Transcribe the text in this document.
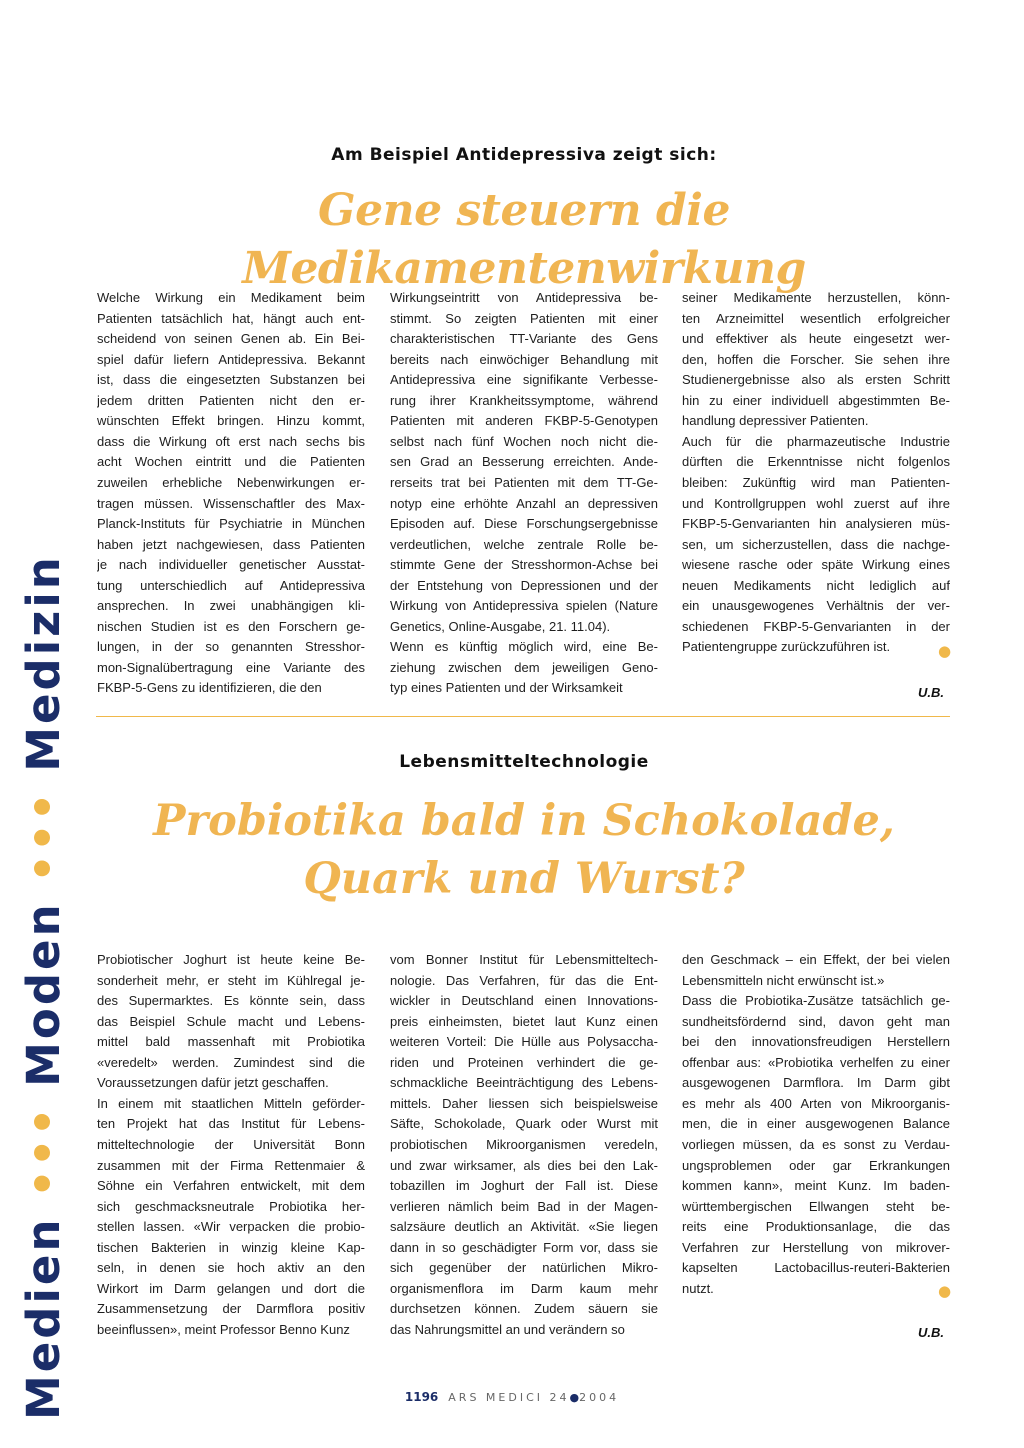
Medien ••• Moden ••• Medizin
Am Beispiel Antidepressiva zeigt sich:
Gene steuern die Medikamentenwirkung
Welche Wirkung ein Medikament beim
Patienten tatsächlich hat, hängt auch ent-
scheidend von seinen Genen ab. Ein Bei-
spiel dafür liefern Antidepressiva. Bekannt
ist, dass die eingesetzten Substanzen bei
jedem dritten Patienten nicht den er-
wünschten Effekt bringen. Hinzu kommt,
dass die Wirkung oft erst nach sechs bis
acht Wochen eintritt und die Patienten
zuweilen erhebliche Nebenwirkungen er-
tragen müssen. Wissenschaftler des Max-
Planck-Instituts für Psychiatrie in München
haben jetzt nachgewiesen, dass Patienten
je nach individueller genetischer Ausstat-
tung unterschiedlich auf Antidepressiva
ansprechen. In zwei unabhängigen kli-
nischen Studien ist es den Forschern ge-
lungen, in der so genannten Stresshor-
mon-Signalübertragung eine Variante des
FKBP-5-Gens zu identifizieren, die den
Wirkungseintritt von Antidepressiva be-
stimmt. So zeigten Patienten mit einer
charakteristischen TT-Variante des Gens
bereits nach einwöchiger Behandlung mit
Antidepressiva eine signifikante Verbesse-
rung ihrer Krankheitssymptome, während
Patienten mit anderen FKBP-5-Genotypen
selbst nach fünf Wochen noch nicht die-
sen Grad an Besserung erreichten. Ande-
rerseits trat bei Patienten mit dem TT-Ge-
notyp eine erhöhte Anzahl an depressiven
Episoden auf. Diese Forschungsergebnisse
verdeutlichen, welche zentrale Rolle be-
stimmte Gene der Stresshormon-Achse bei
der Entstehung von Depressionen und der
Wirkung von Antidepressiva spielen (Nature
Genetics, Online-Ausgabe, 21. 11.04).
Wenn es künftig möglich wird, eine Be-
ziehung zwischen dem jeweiligen Geno-
typ eines Patienten und der Wirksamkeit
seiner Medikamente herzustellen, könn-
ten Arzneimittel wesentlich erfolgreicher
und effektiver als heute eingesetzt wer-
den, hoffen die Forscher. Sie sehen ihre
Studienergebnisse also als ersten Schritt
hin zu einer individuell abgestimmten Be-
handlung depressiver Patienten.
Auch für die pharmazeutische Industrie
dürften die Erkenntnisse nicht folgenlos
bleiben: Zukünftig wird man Patienten-
und Kontrollgruppen wohl zuerst auf ihre
FKBP-5-Genvarianten hin analysieren müs-
sen, um sicherzustellen, dass die nachge-
wiesene rasche oder späte Wirkung eines
neuen Medikaments nicht lediglich auf
ein unausgewogenes Verhältnis der ver-
schiedenen FKBP-5-Genvarianten in der
Patientengruppe zurückzuführen ist.	●
U.B.
Lebensmitteltechnologie
Probiotika bald in Schokolade,
Quark und Wurst?
Probiotischer Joghurt ist heute keine Be-
sonderheit mehr, er steht im Kühlregal je-
des Supermarktes. Es könnte sein, dass
das Beispiel Schule macht und Lebens-
mittel bald massenhaft mit Probiotika
«veredelt» werden. Zumindest sind die
Voraussetzungen dafür jetzt geschaffen.
In einem mit staatlichen Mitteln geförder-
ten Projekt hat das Institut für Lebens-
mitteltechnologie der Universität Bonn
zusammen mit der Firma Rettenmaier &
Söhne ein Verfahren entwickelt, mit dem
sich geschmacksneutrale Probiotika her-
stellen lassen. «Wir verpacken die probio-
tischen Bakterien in winzig kleine Kap-
seln, in denen sie hoch aktiv an den
Wirkort im Darm gelangen und dort die
Zusammensetzung der Darmflora positiv
beeinflussen», meint Professor Benno Kunz
vom Bonner Institut für Lebensmitteltech-
nologie. Das Verfahren, für das die Ent-
wickler in Deutschland einen Innovations-
preis einheimsten, bietet laut Kunz einen
weiteren Vorteil: Die Hülle aus Polysaccha-
riden und Proteinen verhindert die ge-
schmackliche Beeinträchtigung des Lebens-
mittels. Daher liessen sich beispielsweise
Säfte, Schokolade, Quark oder Wurst mit
probiotischen Mikroorganismen veredeln,
und zwar wirksamer, als dies bei den Lak-
tobazillen im Joghurt der Fall ist. Diese
verlieren nämlich beim Bad in der Magen-
salzsäure deutlich an Aktivität. «Sie liegen
dann in so geschädigter Form vor, dass sie
sich gegenüber der natürlichen Mikro-
organismenflora im Darm kaum mehr
durchsetzen können. Zudem säuern sie
das Nahrungsmittel an und verändern so
den Geschmack – ein Effekt, der bei vielen
Lebensmitteln nicht erwünscht ist.»
Dass die Probiotika-Zusätze tatsächlich ge-
sundheitsfördernd sind, davon geht man
bei den innovationsfreudigen Herstellern
offenbar aus: «Probiotika verhelfen zu einer
ausgewogenen Darmflora. Im Darm gibt
es mehr als 400 Arten von Mikroorganis-
men, die in einer ausgewogenen Balance
vorliegen müssen, da es sonst zu Verdau-
ungsproblemen oder gar Erkrankungen
kommen kann», meint Kunz. Im baden-
württembergischen Ellwangen steht be-
reits eine Produktionsanlage, die das
Verfahren zur Herstellung von mikrover-
kapselten Lactobacillus-reuteri-Bakterien
nutzt.	●
U.B.
1196 ARS MEDICI 24●2004
